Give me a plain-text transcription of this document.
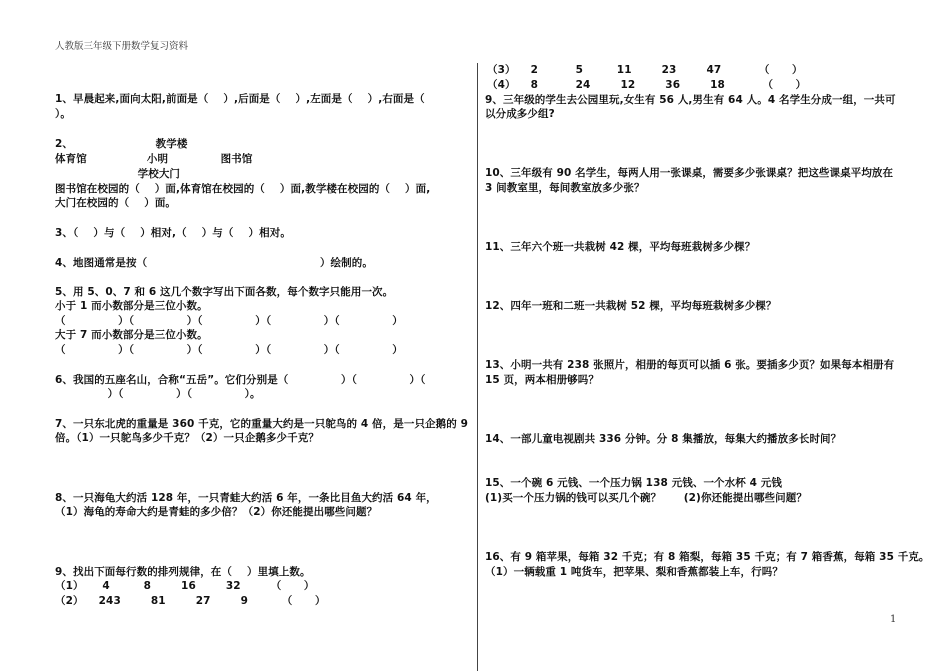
人教版三年级下册数学复习资料
1、早晨起来,面向太阳,前面是（    ）,后面是（    ）,左面是（    ）,右面是（
）。
2、                      教学楼
体育馆                小明              图书馆
学校大门
图书馆在校园的（    ）面,体育馆在校园的（    ）面,教学楼在校园的（    ）面,
大门在校园的（    ）面。
3、（    ）与（    ）相对,（    ）与（    ）相对。
4、地图通常是按（                                              ）绘制的。
5、用 5、0、7 和 6 这几个数字写出下面各数，每个数字只能用一次。
小于 1 而小数部分是三位小数。
（              ）（              ）（              ）（              ）（              ）
大于 7 而小数部分是三位小数。
（              ）（              ）（              ）（              ）（              ）
6、我国的五座名山，合称“五岳”。它们分别是（              ）（              ）（
）（              ）（              ）。
7、一只东北虎的重量是 360 千克，它的重量大约是一只鸵鸟的 4 倍，是一只企鹅的 9
倍。（1）一只鸵鸟多少千克？（2）一只企鹅多少千克？
8、一只海龟大约活 128 年，一只青蛙大约活 6 年，一条比目鱼大约活 64 年，
（1）海龟的寿命大约是青蛙的多少倍？（2）你还能提出哪些问题？
9、找出下面每行数的排列规律，在（    ）里填上数。
（1）     4         8        16        32        （      ）
（2）    243        81        27        9         （      ）
（3）    2          5         11        23        47          （      ）
（4）    8          24        12        36        18          （      ）
9、三年级的学生去公园里玩,女生有 56 人,男生有 64 人。4 名学生分成一组，一共可
以分成多少组?
10、三年级有 90 名学生，每两人用一张课桌，需要多少张课桌？把这些课桌平均放在
3 间教室里，每间教室放多少张？
11、三年六个班一共栽树 42 棵，平均每班栽树多少棵？
12、四年一班和二班一共栽树 52 棵，平均每班栽树多少棵？
13、小明一共有 238 张照片，相册的每页可以插 6 张。要插多少页？如果每本相册有
15 页，两本相册够吗？
14、一部儿童电视剧共 336 分钟。分 8 集播放，每集大约播放多长时间？
15、一个碗 6 元钱、一个压力锅 138 元钱、一个水杯 4 元钱
(1)买一个压力锅的钱可以买几个碗？      (2)你还能提出哪些问题？
16、有 9 箱苹果，每箱 32 千克；有 8 箱梨，每箱 35 千克；有 7 箱香蕉，每箱 35 千克。
（1）一辆载重 1 吨货车，把苹果、梨和香蕉都装上车，行吗？
1
